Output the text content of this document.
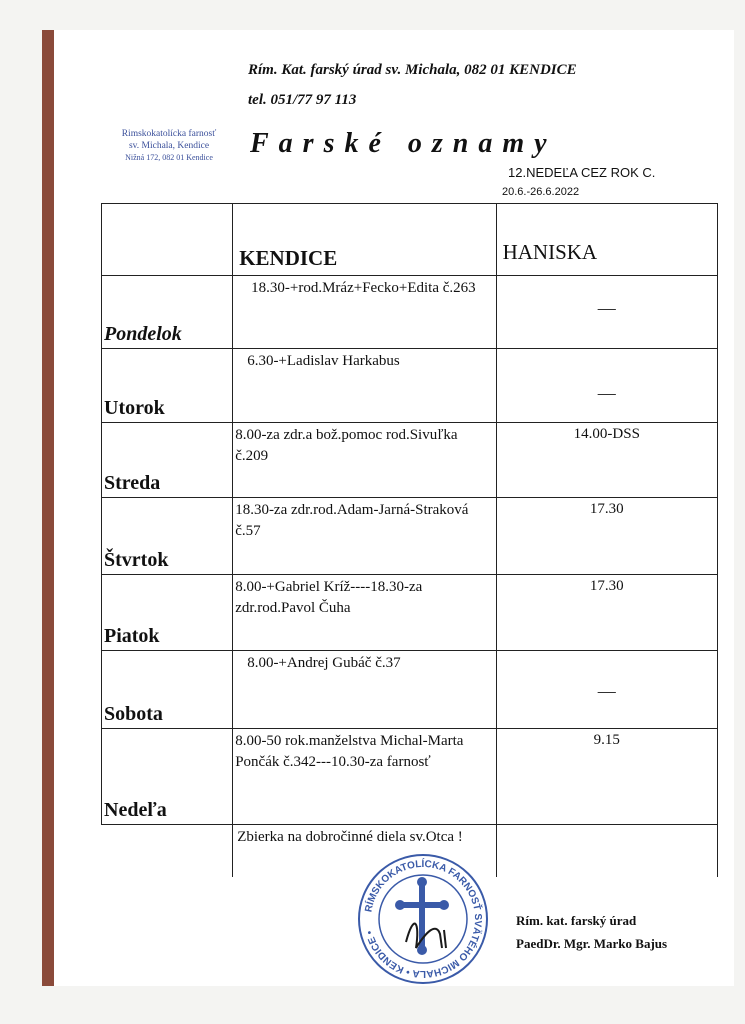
Rím. Kat. farský úrad sv. Michala, 082 01 KENDICE
tel. 051/77 97 113
Rimskokatolícka farnosť
sv. Michala, Kendice
Nižná 172, 082 01 Kendice	Farské oznamy
12.NEDEĽA CEZ ROK C.
20.6.-26.6.2022

	KENDICE	HANISKA

Pondelok	18.30-+rod.Mráz+Fecko+Edita č.263	—

Utorok	6.30-+Ladislav Harkabus	—

Streda	8.00-za zdr.a bož.pomoc rod.Sivuľka č.209	14.00-DSS

Štvrtok	18.30-za zdr.rod.Adam-Jarná-Straková č.57	17.30

Piatok	8.00-+Gabriel Kríž----18.30-za zdr.rod.Pavol Čuha	17.30

Sobota	8.00-+Andrej Gubáč č.37	—

Nedeľa	8.00-50 rok.manželstva Michal-Marta Pončák č.342---10.30-za farnosť	9.15

	Zbierka na dobročinné diela sv.Otca !	
RÍMSKOKATOLÍCKA FARNOSŤ SVÄTÉHO MICHALA • KENDICE •
Rím. kat. farský úrad
PaedDr. Mgr. Marko Bajus
